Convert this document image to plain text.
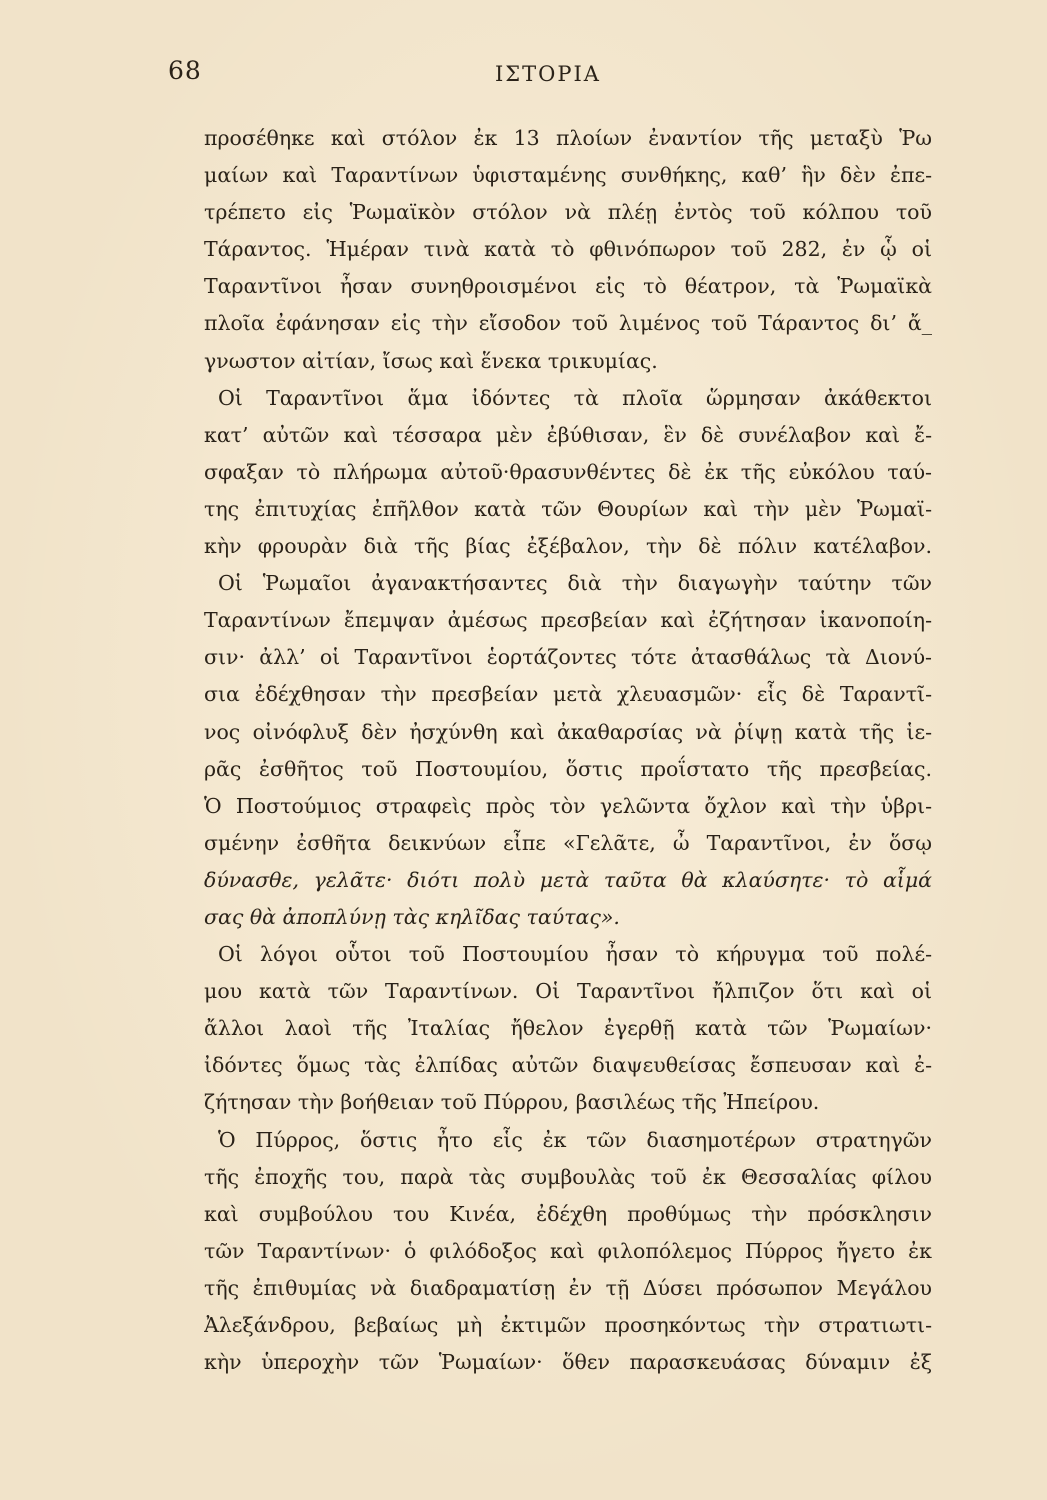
68	ΙΣΤΟΡΙΑ
προσέθηκε καὶ στόλον ἐκ 13 πλοίων ἐναντίον τῆς μεταξὺ Ῥω
μαίων καὶ Ταραντίνων ὑφισταμένης συνθήκης, καθ’ ἣν δὲν ἐπε-
τρέπετο εἰς Ῥωμαϊκὸν στόλον νὰ πλέῃ ἐντὸς τοῦ κόλπου τοῦ
Τάραντος. Ἡμέραν τινὰ κατὰ τὸ φθινόπωρον τοῦ 282, ἐν ᾧ οἱ
Ταραντῖνοι ἦσαν συνηθροισμένοι εἰς τὸ θέατρον, τὰ Ῥωμαϊκὰ
πλοῖα ἐφάνησαν εἰς τὴν εἴσοδον τοῦ λιμένος τοῦ Τάραντος δι’ ἄ_
γνωστον αἰτίαν, ἴσως καὶ ἕνεκα τρικυμίας.
Οἱ Ταραντῖνοι ἅμα ἰδόντες τὰ πλοῖα ὥρμησαν ἀκάθεκτοι
κατ’ αὐτῶν καὶ τέσσαρα μὲν ἐβύθισαν, ἓν δὲ συνέλαβον καὶ ἔ-
σφαξαν τὸ πλήρωμα αὐτοῦ·θρασυνθέντες δὲ ἐκ τῆς εὐκόλου ταύ-
της ἐπιτυχίας ἐπῆλθον κατὰ τῶν Θουρίων καὶ τὴν μὲν Ῥωμαϊ-
κὴν φρουρὰν διὰ τῆς βίας ἐξέβαλον, τὴν δὲ πόλιν κατέλαβον.
Οἱ Ῥωμαῖοι ἀγανακτήσαντες διὰ τὴν διαγωγὴν ταύτην τῶν
Ταραντίνων ἔπεμψαν ἀμέσως πρεσβείαν καὶ ἐζήτησαν ἱκανοποίη-
σιν· ἀλλ’ οἱ Ταραντῖνοι ἑορτάζοντες τότε ἀτασθάλως τὰ Διονύ-
σια ἐδέχθησαν τὴν πρεσβείαν μετὰ χλευασμῶν· εἷς δὲ Ταραντῖ-
νος οἰνόφλυξ δὲν ἠσχύνθη καὶ ἀκαθαρσίας νὰ ῥίψῃ κατὰ τῆς ἱε-
ρᾶς ἐσθῆτος τοῦ Ποστουμίου, ὅστις προΐστατο τῆς πρεσβείας.
Ὁ Ποστούμιος στραφεὶς πρὸς τὸν γελῶντα ὄχλον καὶ τὴν ὑβρι-
σμένην ἐσθῆτα δεικνύων εἶπε «Γελᾶτε, ὦ Ταραντῖνοι, ἐν ὅσῳ
δύνασθε, γελᾶτε· διότι πολὺ μετὰ ταῦτα θὰ κλαύσητε· τὸ αἷμά
σας θὰ ἀποπλύνῃ τὰς κηλῖδας ταύτας».
Οἱ λόγοι οὗτοι τοῦ Ποστουμίου ἦσαν τὸ κήρυγμα τοῦ πολέ-
μου κατὰ τῶν Ταραντίνων. Οἱ Ταραντῖνοι ἤλπιζον ὅτι καὶ οἱ
ἄλλοι λαοὶ τῆς Ἰταλίας ἤθελον ἐγερθῇ κατὰ τῶν Ῥωμαίων·
ἰδόντες ὅμως τὰς ἐλπίδας αὐτῶν διαψευθείσας ἔσπευσαν καὶ ἐ-
ζήτησαν τὴν βοήθειαν τοῦ Πύρρου, βασιλέως τῆς Ἠπείρου.
Ὁ Πύρρος, ὅστις ἦτο εἷς ἐκ τῶν διασημοτέρων στρατηγῶν
τῆς ἐποχῆς του, παρὰ τὰς συμβουλὰς τοῦ ἐκ Θεσσαλίας φίλου
καὶ συμβούλου του Κινέα, ἐδέχθη προθύμως τὴν πρόσκλησιν
τῶν Ταραντίνων· ὁ φιλόδοξος καὶ φιλοπόλεμος Πύρρος ἤγετο ἐκ
τῆς ἐπιθυμίας νὰ διαδραματίσῃ ἐν τῇ Δύσει πρόσωπον Μεγάλου
Ἀλεξάνδρου, βεβαίως μὴ ἐκτιμῶν προσηκόντως τὴν στρατιωτι-
κὴν ὑπεροχὴν τῶν Ῥωμαίων· ὅθεν παρασκευάσας δύναμιν ἐξ
